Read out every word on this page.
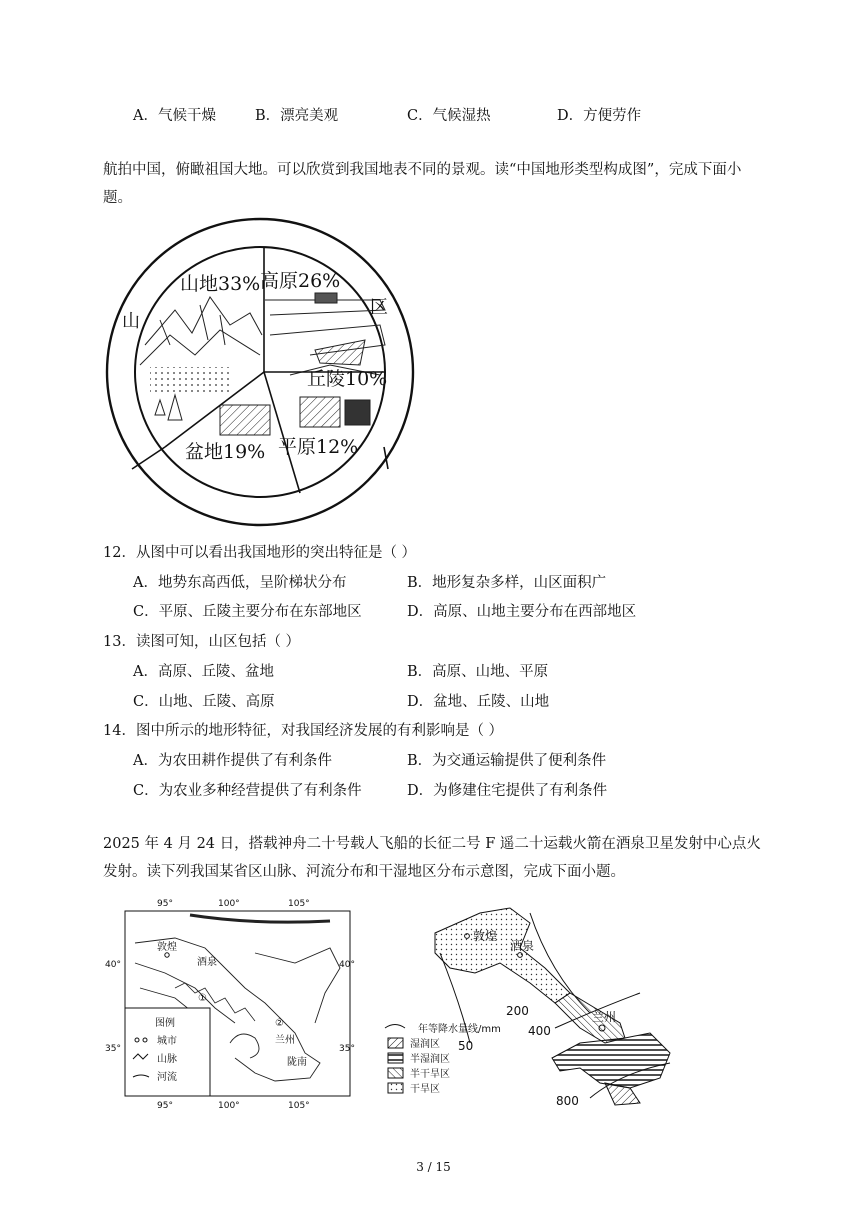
A．气候干燥	B．漂亮美观	C．气候湿热	D．方便劳作
航拍中国，俯瞰祖国大地。可以欣赏到我国地表不同的景观。读“中国地形类型构成图”，完成下面小题。
山地33% 高原26%
丘陵10%
平原12%
盆地19%
山
区
12．从图中可以看出我国地形的突出特征是（ ）
A．地势东高西低，呈阶梯状分布	B．地形复杂多样，山区面积广
C．平原、丘陵主要分布在东部地区	D．高原、山地主要分布在西部地区
13．读图可知，山区包括（ ）
A．高原、丘陵、盆地	B．高原、山地、平原
C．山地、丘陵、高原	D．盆地、丘陵、山地
14．图中所示的地形特征，对我国经济发展的有利影响是（ ）
A．为农田耕作提供了有利条件	B．为交通运输提供了便利条件
C．为农业多种经营提供了有利条件	D．为修建住宅提供了有利条件
2025 年 4 月 24 日，搭载神舟二十号载人飞船的长征二号 F 遥二十运载火箭在酒泉卫星发射中心点火发射。读下列我国某省区山脉、河流分布和干湿地区分布示意图，完成下面小题。
95°	100°	105°
95°	100°	105°
40°
35°
40°
35°
敦煌
酒泉
兰州
陇南
①
②
图例
城市
山脉
河流
敦煌
酒泉
兰州
50
200
400
800
年等降水量线/mm
湿润区
半湿润区
半干旱区
干旱区
3 / 15
